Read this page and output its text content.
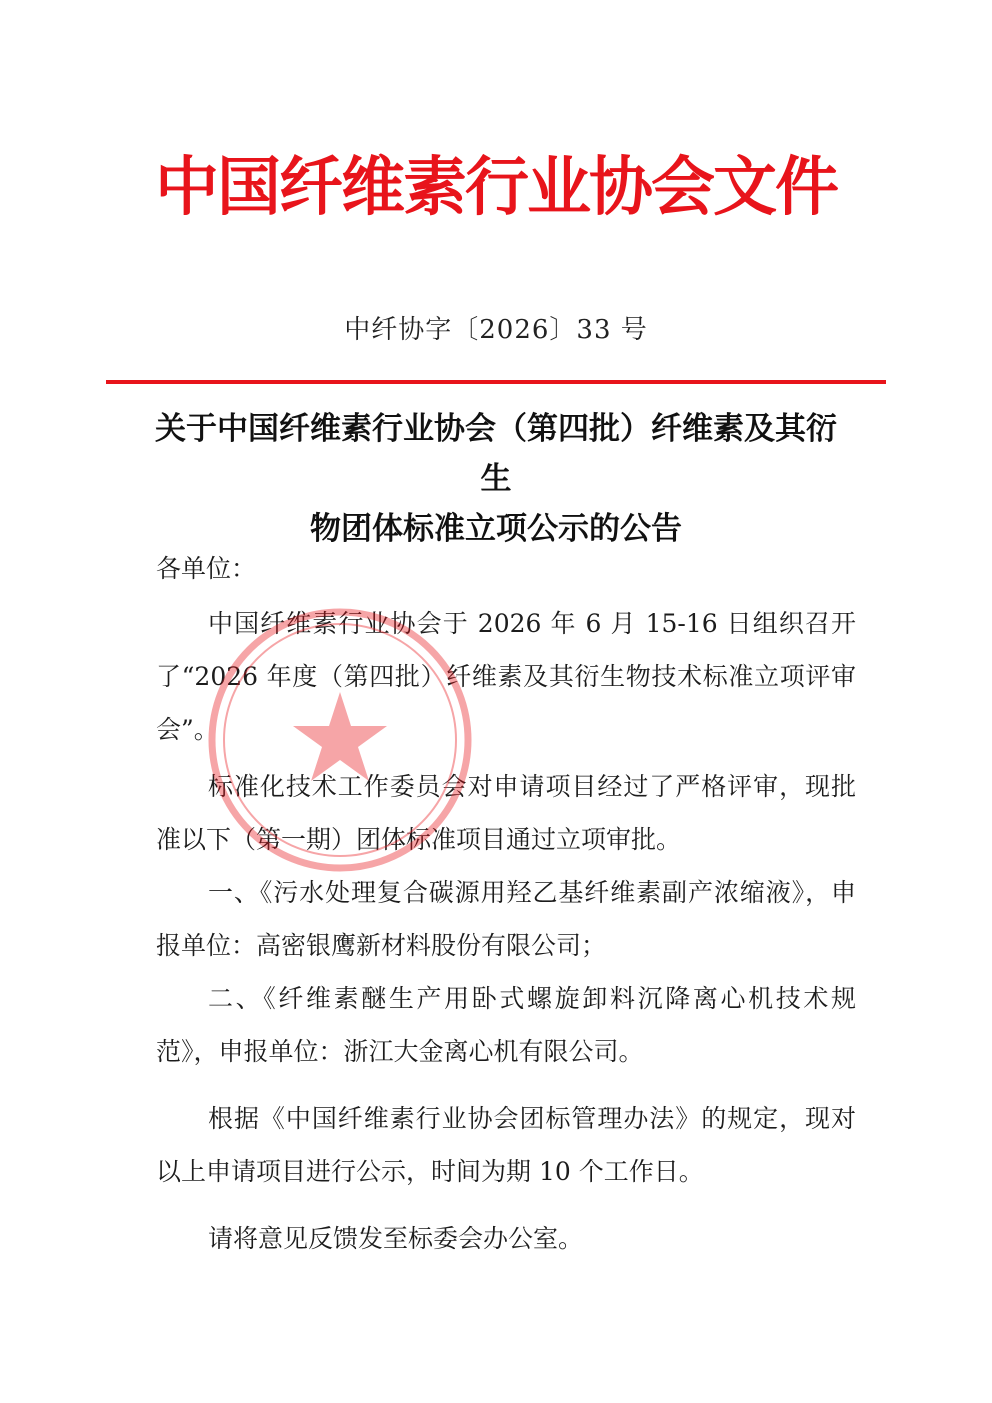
中国纤维素行业协会文件
中纤协字〔2026〕33 号
关于中国纤维素行业协会（第四批）纤维素及其衍生
物团体标准立项公示的公告

各单位：

中国纤维素行业协会于 2026 年 6 月 15-16 日组织召开了“2026 年度（第四批）纤维素及其衍生物技术标准立项评审会”。

标准化技术工作委员会对申请项目经过了严格评审，现批准以下（第一期）团体标准项目通过立项审批。

一、《污水处理复合碳源用羟乙基纤维素副产浓缩液》，申报单位：高密银鹰新材料股份有限公司；

二、《纤维素醚生产用卧式螺旋卸料沉降离心机技术规范》，申报单位：浙江大金离心机有限公司。

根据《中国纤维素行业协会团标管理办法》的规定，现对以上申请项目进行公示，时间为期 10 个工作日。

请将意见反馈发至标委会办公室。
